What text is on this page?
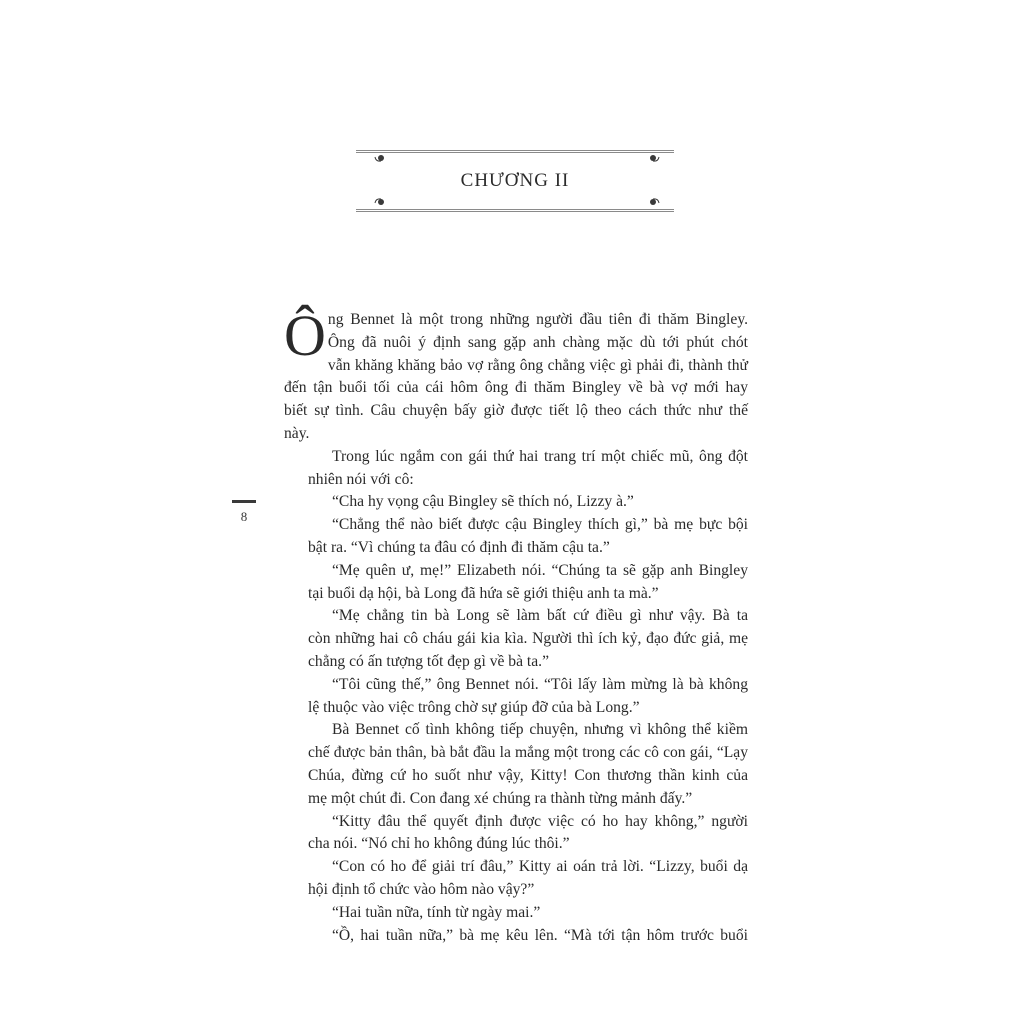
CHƯƠNG II
8

Ô ng Bennet là một trong những người đầu tiên đi thăm Bingley.
Ông đã nuôi ý định sang gặp anh chàng mặc dù tới phút chót
vẫn khăng khăng bảo vợ rằng ông chẳng việc gì phải đi, thành thử
đến tận buổi tối của cái hôm ông đi thăm Bingley về bà vợ mới hay
biết sự tình. Câu chuyện bấy giờ được tiết lộ theo cách thức như thế
này.

Trong lúc ngắm con gái thứ hai trang trí một chiếc mũ, ông đột
nhiên nói với cô:

“Cha hy vọng cậu Bingley sẽ thích nó, Lizzy à.”

“Chẳng thể nào biết được cậu Bingley thích gì,” bà mẹ bực bội
bật ra. “Vì chúng ta đâu có định đi thăm cậu ta.”

“Mẹ quên ư, mẹ!” Elizabeth nói. “Chúng ta sẽ gặp anh Bingley
tại buổi dạ hội, bà Long đã hứa sẽ giới thiệu anh ta mà.”

“Mẹ chẳng tin bà Long sẽ làm bất cứ điều gì như vậy. Bà ta
còn những hai cô cháu gái kia kìa. Người thì ích kỷ, đạo đức giả, mẹ
chẳng có ấn tượng tốt đẹp gì về bà ta.”

“Tôi cũng thế,” ông Bennet nói. “Tôi lấy làm mừng là bà không
lệ thuộc vào việc trông chờ sự giúp đỡ của bà Long.”

Bà Bennet cố tình không tiếp chuyện, nhưng vì không thể kiềm
chế được bản thân, bà bắt đầu la mắng một trong các cô con gái, “Lạy
Chúa, đừng cứ ho suốt như vậy, Kitty! Con thương thần kinh của
mẹ một chút đi. Con đang xé chúng ra thành từng mảnh đấy.”

“Kitty đâu thể quyết định được việc có ho hay không,” người
cha nói. “Nó chỉ ho không đúng lúc thôi.”

“Con có ho để giải trí đâu,” Kitty ai oán trả lời. “Lizzy, buổi dạ
hội định tổ chức vào hôm nào vậy?”

“Hai tuần nữa, tính từ ngày mai.”

“Ồ, hai tuần nữa,” bà mẹ kêu lên. “Mà tới tận hôm trước buổi
